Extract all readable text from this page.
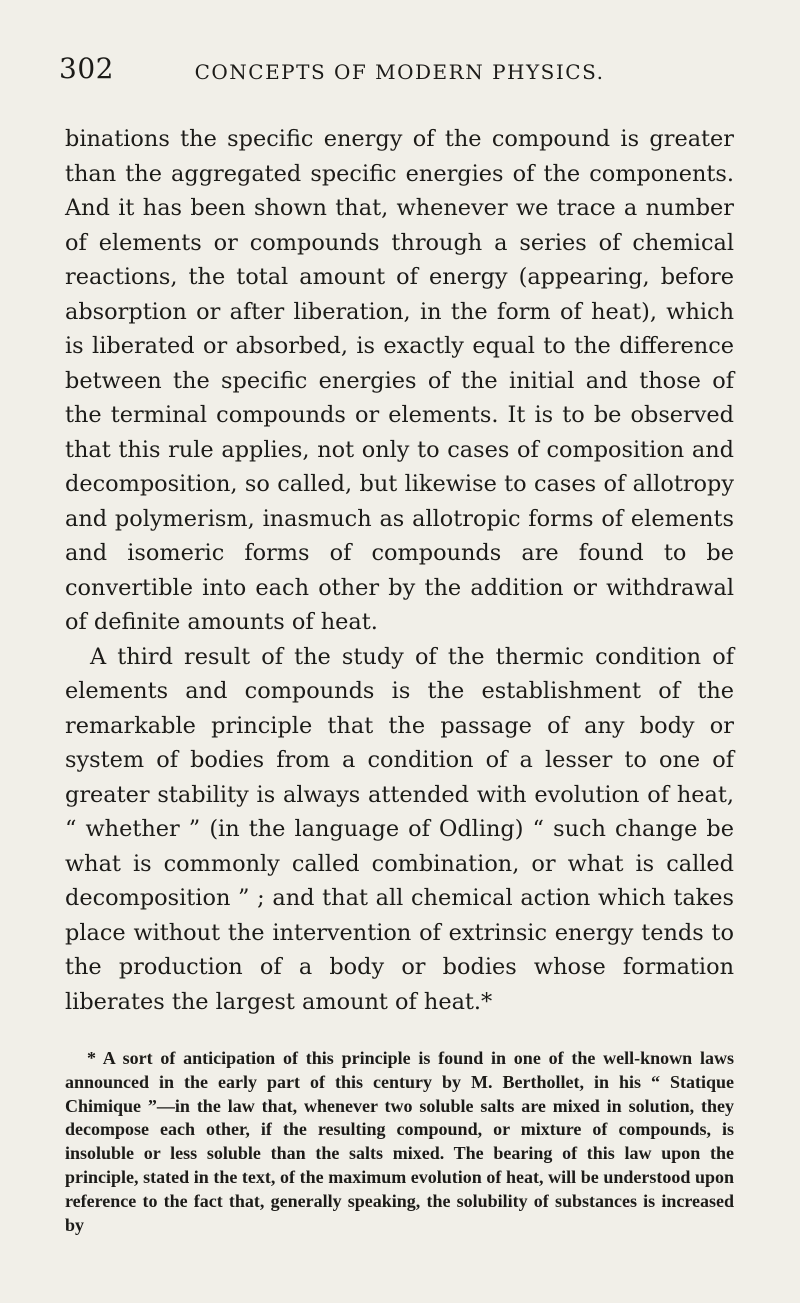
302	CONCEPTS OF MODERN PHYSICS.

binations the specific energy of the compound is greater than the aggregated specific energies of the components. And it has been shown that, whenever we trace a number of elements or compounds through a series of chemical reactions, the total amount of energy (appearing, before absorption or after liberation, in the form of heat), which is liberated or absorbed, is exactly equal to the difference between the specific energies of the initial and those of the terminal compounds or elements. It is to be observed that this rule applies, not only to cases of composition and decomposition, so called, but likewise to cases of allotropy and polymerism, inasmuch as allotropic forms of elements and isomeric forms of compounds are found to be convertible into each other by the addition or withdrawal of definite amounts of heat.

A third result of the study of the thermic condition of elements and compounds is the establishment of the remarkable principle that the passage of any body or system of bodies from a condition of a lesser to one of greater stability is always attended with evolution of heat, “ whether ” (in the language of Odling) “ such change be what is commonly called combination, or what is called decomposition ” ; and that all chemical action which takes place without the intervention of extrinsic energy tends to the production of a body or bodies whose formation liberates the largest amount of heat.*

* A sort of anticipation of this principle is found in one of the well-known laws announced in the early part of this century by M. Berthollet, in his “ Statique Chimique ”—in the law that, whenever two soluble salts are mixed in solution, they decompose each other, if the resulting compound, or mixture of compounds, is insoluble or less soluble than the salts mixed. The bearing of this law upon the principle, stated in the text, of the maximum evolution of heat, will be understood upon reference to the fact that, generally speaking, the solubility of substances is increased by
